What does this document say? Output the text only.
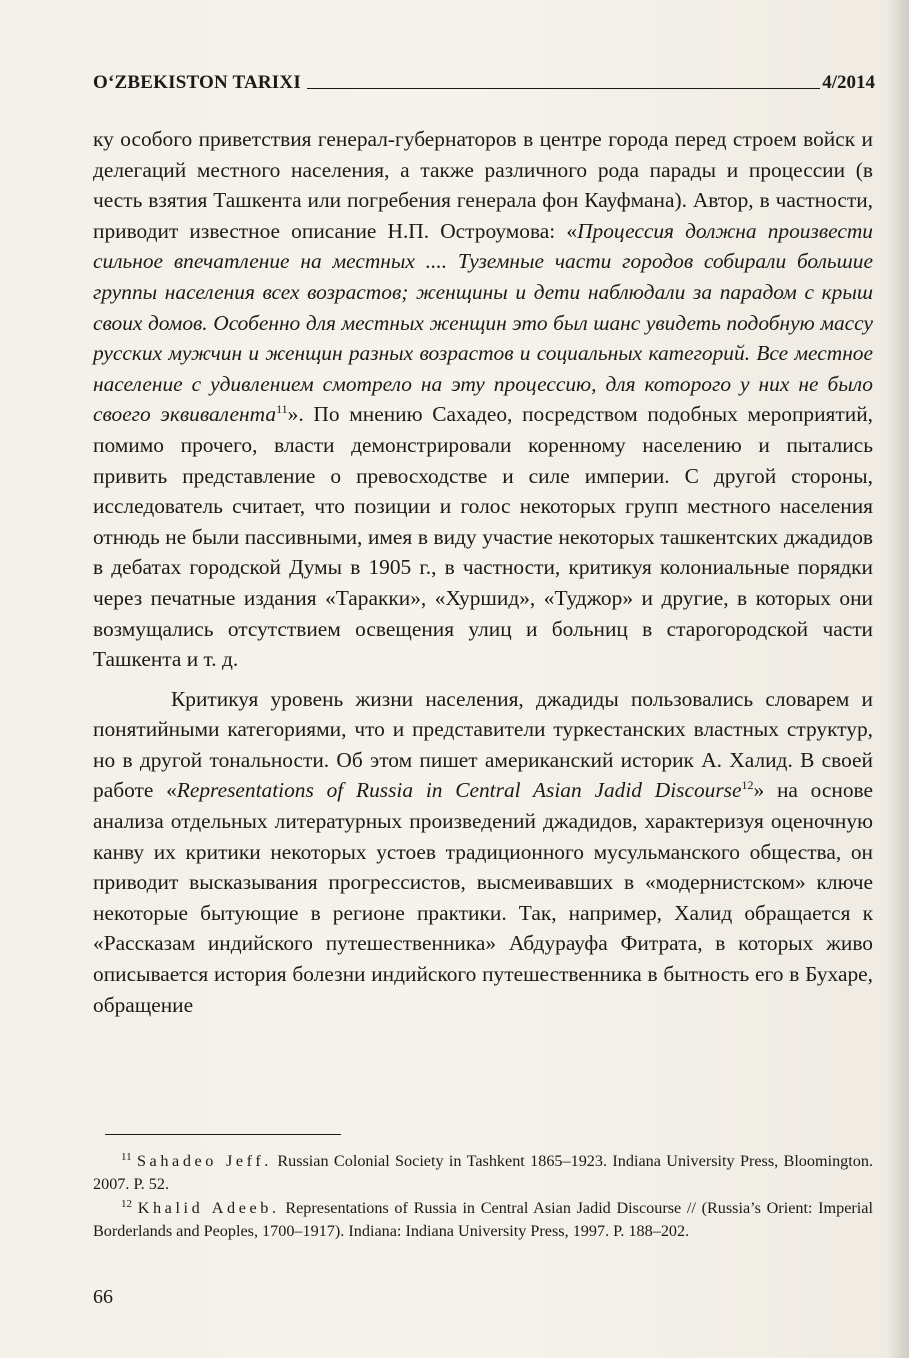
O‘ZBEKISTON TARIXI	4/2014

ку особого приветствия генерал-губернаторов в центре города перед строем войск и делегаций местного населения, а также различного рода парады и процессии (в честь взятия Ташкента или погребения генерала фон Кауфмана). Автор, в частности, приводит известное описание Н.П. Остроумова: «Процессия должна произвести сильное впечатление на местных .... Туземные части городов собирали большие группы населения всех возрастов; женщины и дети наблюдали за парадом с крыш своих домов. Особенно для местных женщин это был шанс увидеть подобную массу русских мужчин и женщин разных возрастов и социальных категорий. Все местное население с удивлением смотрело на эту процессию, для которого у них не было своего эквивалента$^{11}$». По мнению Сахадео, посредством подобных мероприятий, помимо прочего, власти демонстрировали коренному населению и пытались привить представление о превосходстве и силе империи. С другой стороны, исследователь считает, что позиции и голос некоторых групп местного населения отнюдь не были пассивными, имея в виду участие некоторых ташкентских джадидов в дебатах городской Думы в 1905 г., в частности, критикуя колониальные порядки через печатные издания «Таракки», «Хуршид», «Туджор» и другие, в которых они возмущались отсутствием освещения улиц и больниц в старогородской части Ташкента и т. д.

Критикуя уровень жизни населения, джадиды пользовались словарем и понятийными категориями, что и представители туркестанских властных структур, но в другой тональности. Об этом пишет американский историк А. Халид. В своей работе «Representations of Russia in Central Asian Jadid Discourse$^{12}$» на основе анализа отдельных литературных произведений джадидов, характеризуя оценочную канву их критики некоторых устоев традиционного мусульманского общества, он приводит высказывания прогрессистов, высмеивавших в «модернистском» ключе некоторые бытующие в регионе практики. Так, например, Халид обращается к «Рассказам индийского путешественника» Абдурауфа Фитрата, в которых живо описывается история болезни индийского путешественника в бытность его в Бухаре, обращение

$^{11}$ Sahadeo Jeff. Russian Colonial Society in Tashkent 1865–1923. Indiana University Press, Bloomington. 2007. P. 52.

$^{12}$ Khalid Adeeb. Representations of Russia in Central Asian Jadid Discourse // (Russia’s Orient: Imperial Borderlands and Peoples, 1700–1917). Indiana: Indiana University Press, 1997. P. 188–202.

66
